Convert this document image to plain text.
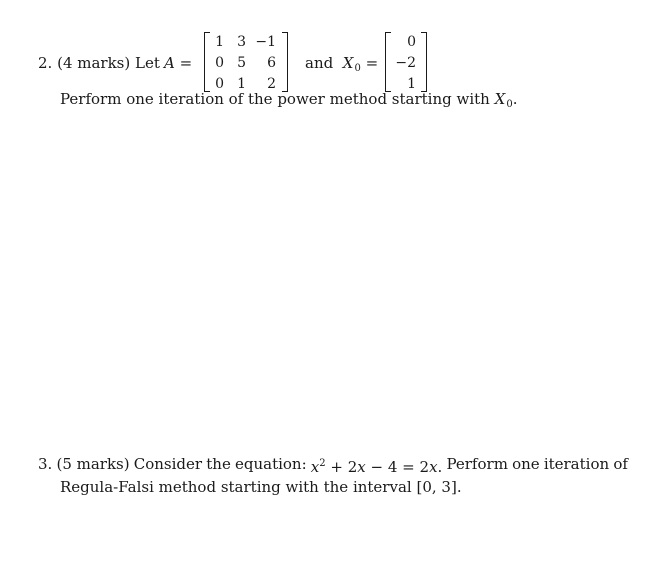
2. (4 marks) Let A =
1 3 −1
0 5	6
0 1	2
and $X_0$ =
0
−2
1
Perform one iteration of the power method starting with $X_0$.
3. (5 marks) Consider the equation: $x^2 + 2x - 4 = 2x$. Perform one iteration of
Regula-Falsi method starting with the interval [0, 3].
